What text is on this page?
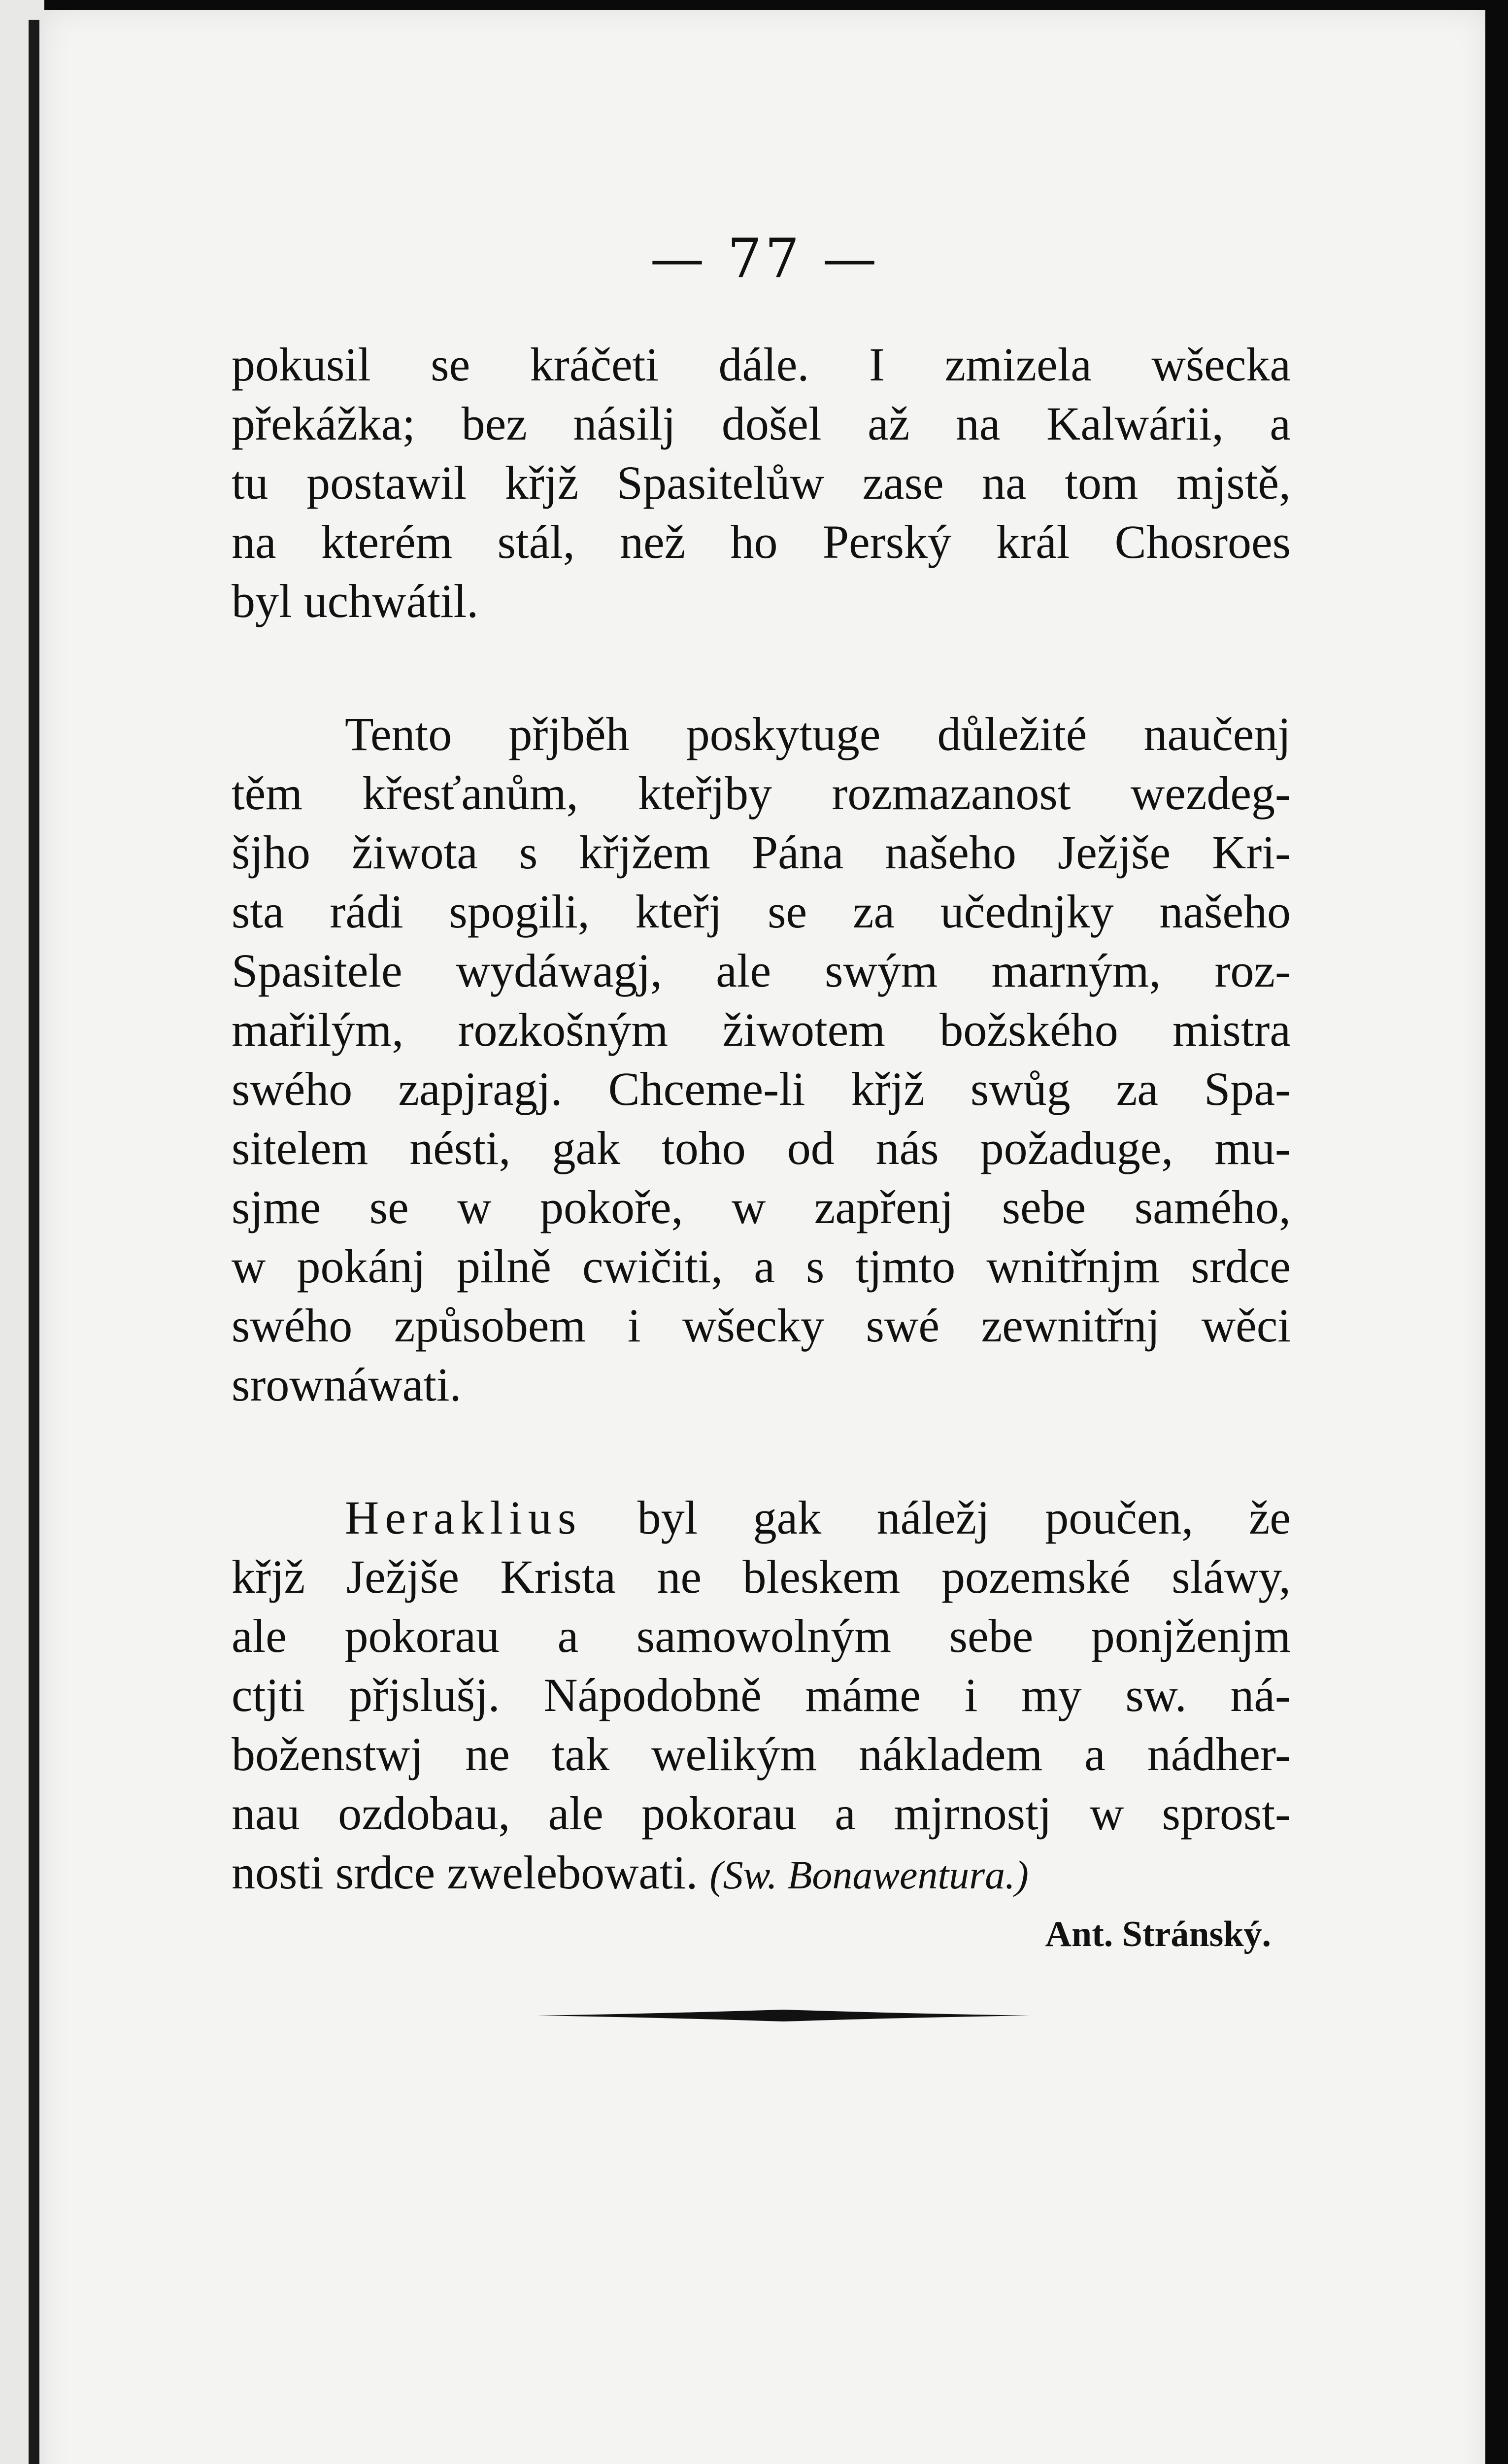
— 77 —
pokusil se kráčeti dále. I zmizela wšecka
překážka; bez násilj došel až na Kalwárii, a
tu postawil křjž Spasitelůw zase na tom mjstě,
na kterém stál, než ho Perský král Chosroes
byl uchwátil.
Tento přjběh poskytuge důležité naučenj
těm křesťanům, kteřjby rozmazanost wezdeg-
šjho žiwota s křjžem Pána našeho Ježjše Kri-
sta rádi spogili, kteřj se za učednjky našeho
Spasitele wydáwagj, ale swým marným, roz-
mařilým, rozkošným žiwotem božského mistra
swého zapjragj. Chceme-li křjž swůg za Spa-
sitelem nésti, gak toho od nás požaduge, mu-
sjme se w pokoře, w zapřenj sebe samého,
w pokánj pilně cwičiti, a s tjmto wnitřnjm srdce
swého způsobem i wšecky swé zewnitřnj wěci
srownáwati.
Heraklius byl gak náležj poučen, že
křjž Ježjše Krista ne bleskem pozemské sláwy,
ale pokorau a samowolným sebe ponjženjm
ctjti přjslušj. Nápodobně máme i my sw. ná-
boženstwj ne tak welikým nákladem a nádher-
nau ozdobau, ale pokorau a mjrnostj w sprost-
nosti srdce zwelebowati. (Sw. Bonawentura.)
Ant. Stránský.
